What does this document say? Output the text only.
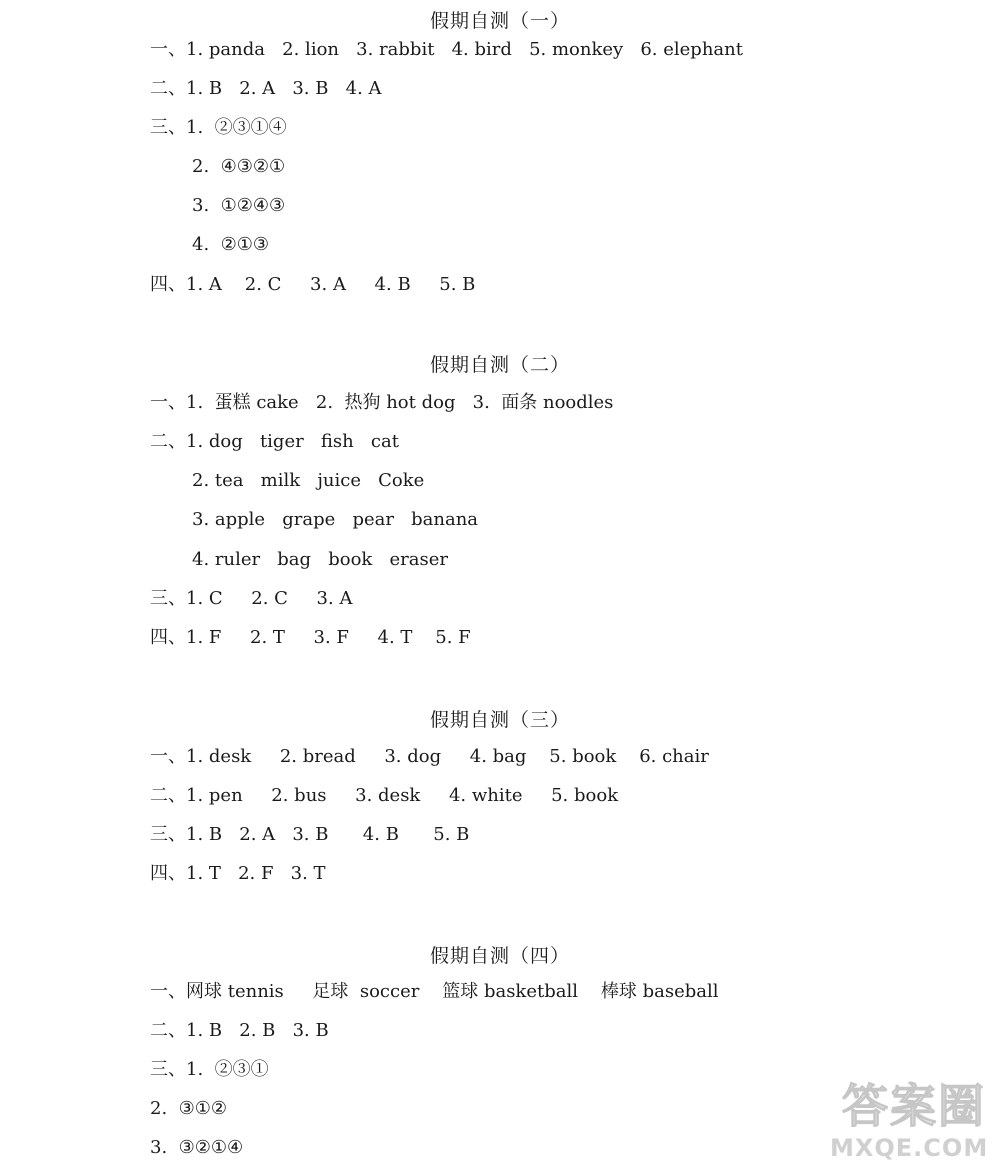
假期自测（一）
一、1. panda   2. lion   3. rabbit   4. bird   5. monkey   6. elephant
二、1. B   2. A   3. B   4. A
三、1.  ②③①④
2.  ④③②①
3.  ①②④③
4.  ②①③
四、1. A    2. C     3. A     4. B     5. B
假期自测（二）
一、1.  蛋糕 cake   2.  热狗 hot dog   3.  面条 noodles
二、1. dog   tiger   fish   cat
2. tea   milk   juice   Coke
3. apple   grape   pear   banana
4. ruler   bag   book   eraser
三、1. C     2. C     3. A
四、1. F     2. T     3. F     4. T    5. F
假期自测（三）
一、1. desk     2. bread     3. dog     4. bag    5. book    6. chair
二、1. pen     2. bus     3. desk     4. white     5. book
三、1. B   2. A   3. B      4. B      5. B
四、1. T   2. F   3. T
假期自测（四）
一、网球 tennis     足球  soccer    篮球 basketball    棒球 baseball
二、1. B   2. B   3. B
三、1.  ②③①
2.  ③①②
3.  ③②①④
答案圈
MXQE.COM
